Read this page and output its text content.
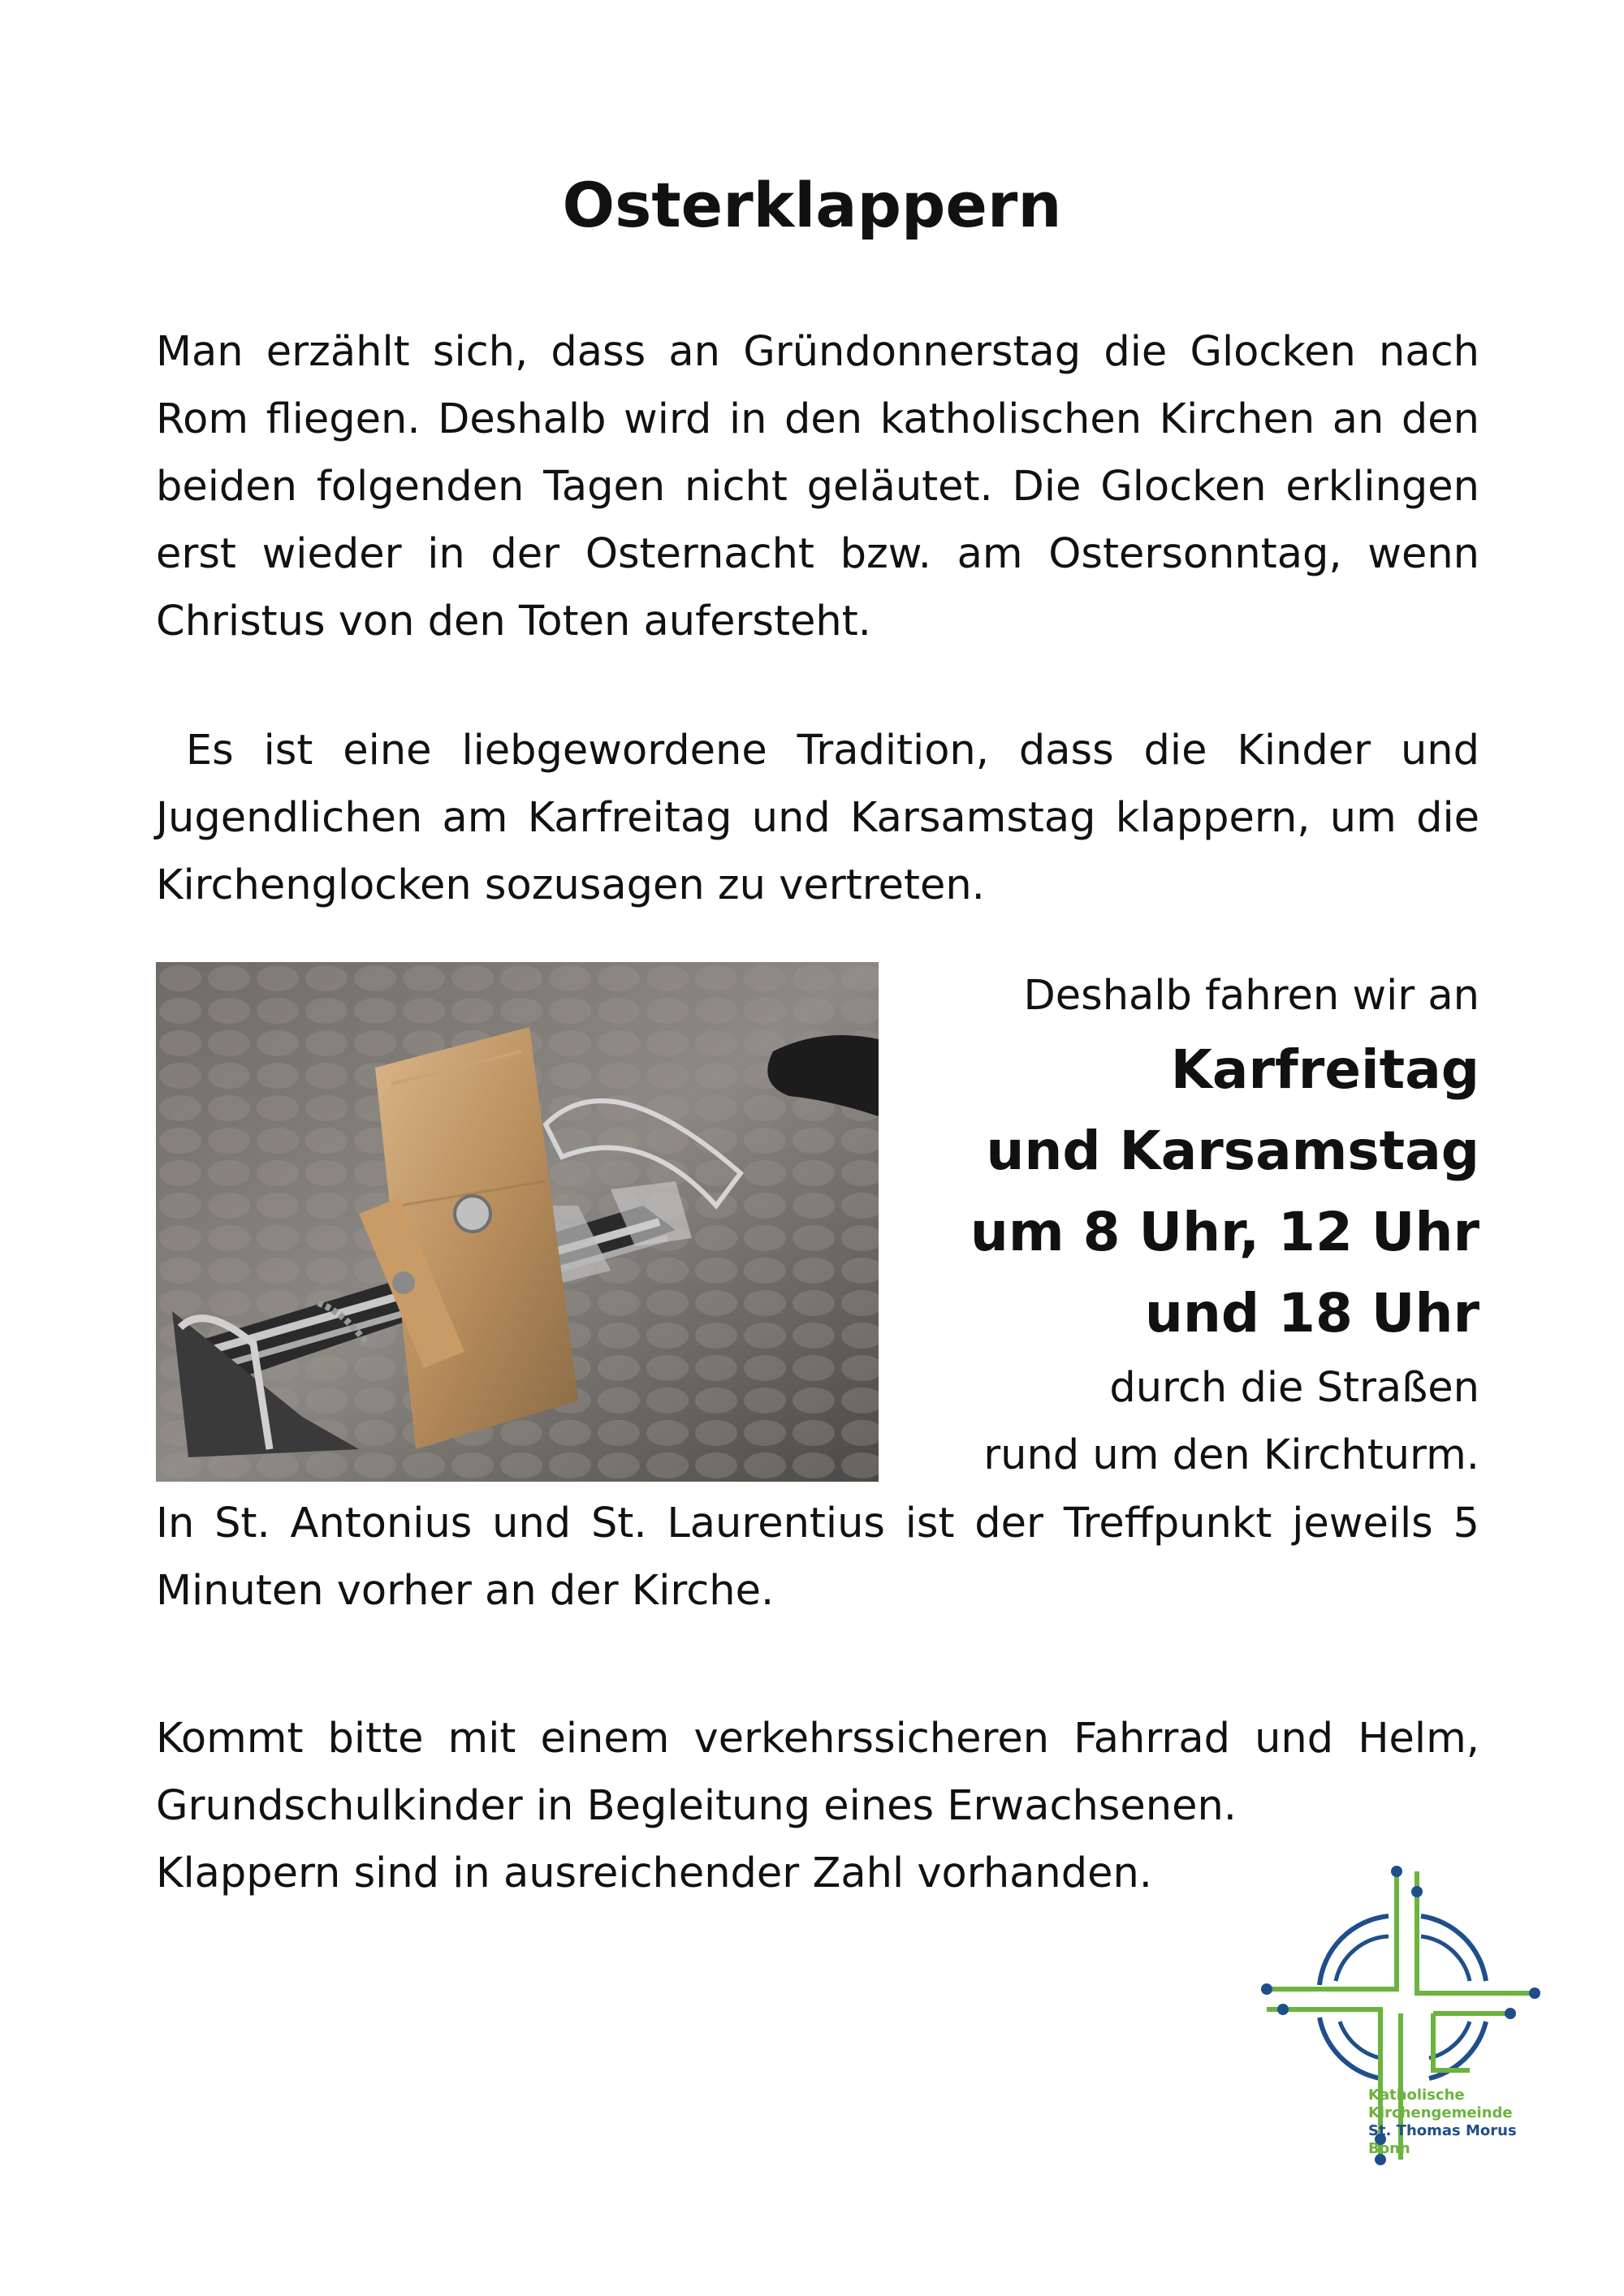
Osterklappern

Man erzählt sich, dass an Gründonnerstag die Glocken nach Rom fliegen. Deshalb wird in den katholischen Kirchen an den beiden folgenden Tagen nicht geläutet. Die Glocken erklingen erst wieder in der Osternacht bzw. am Ostersonntag, wenn Christus von den Toten aufersteht.

Es ist eine liebgewordene Tradition, dass die Kinder und Jugendlichen am Karfreitag und Karsamstag klappern, um die Kirchenglocken sozusagen zu vertreten.

Deshalb fahren wir an
Karfreitag
und Karsamstag
um 8 Uhr, 12 Uhr
und 18 Uhr
durch die Straßen
rund um den Kirchturm.
In St. Antonius und St. Laurentius ist der Treffpunkt jeweils 5 Minuten vorher an der Kirche.
Kommt bitte mit einem verkehrssicheren Fahrrad und Helm, Grundschulkinder in Begleitung eines Erwachsenen.
Klappern sind in ausreichender Zahl vorhanden.
Katholische
Kirchengemeinde
St. Thomas Morus
Bonn
